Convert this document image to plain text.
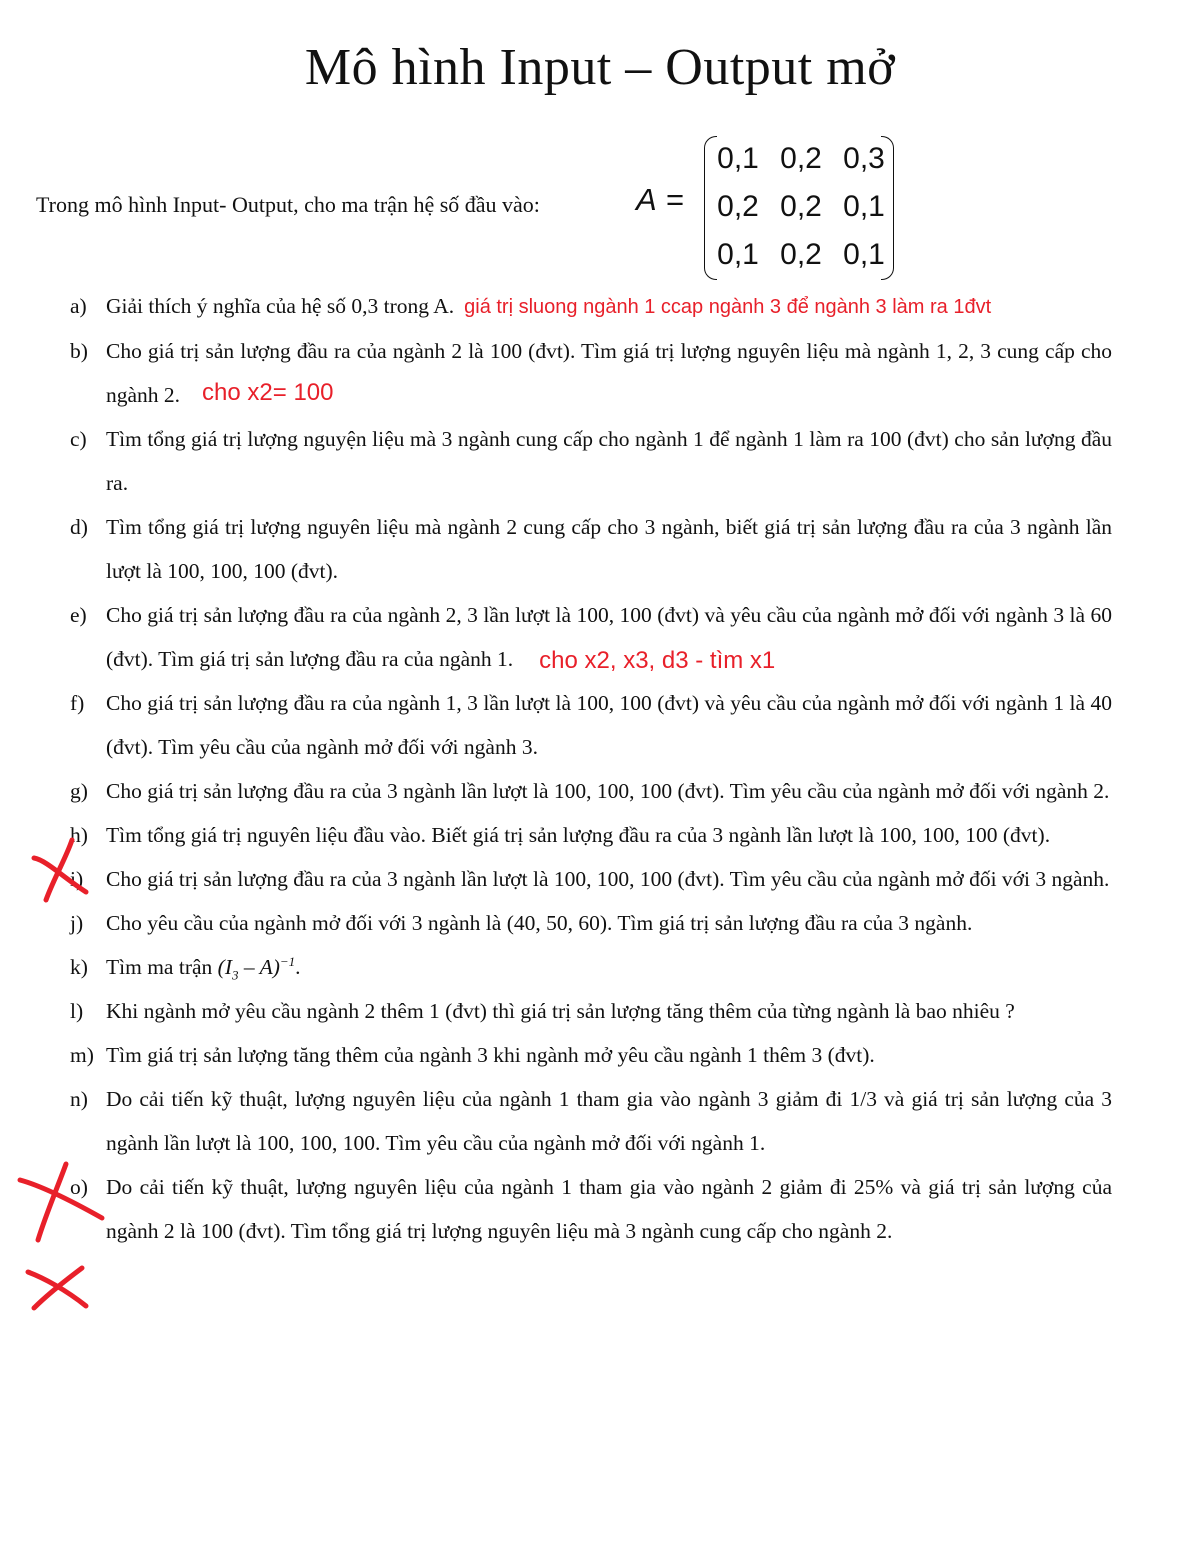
Mô hình Input – Output mở
Trong mô hình Input- Output, cho ma trận hệ số đầu vào:	A =
0,1 0,2 0,3
0,2 0,2 0,1
0,1 0,2 0,1
a) Giải thích ý nghĩa của hệ số 0,3 trong A. giá trị sluong ngành 1 ccap ngành 3 để ngành 3 làm ra 1đvt
b) Cho giá trị sản lượng đầu ra của ngành 2 là 100 (đvt). Tìm giá trị lượng nguyên liệu mà ngành 1, 2, 3 cung cấp cho ngành 2. cho x2= 100
c) Tìm tổng giá trị lượng nguyện liệu mà 3 ngành cung cấp cho ngành 1 để ngành 1 làm ra 100 (đvt) cho sản lượng đầu ra.
d) Tìm tổng giá trị lượng nguyên liệu mà ngành 2 cung cấp cho 3 ngành, biết giá trị sản lượng đầu ra của 3 ngành lần lượt là 100, 100, 100 (đvt).
e) Cho giá trị sản lượng đầu ra của ngành 2, 3 lần lượt là 100, 100 (đvt) và yêu cầu của ngành mở đối với ngành 3 là 60 (đvt). Tìm giá trị sản lượng đầu ra của ngành 1. cho x2, x3, d3 - tìm x1
f) Cho giá trị sản lượng đầu ra của ngành 1, 3 lần lượt là 100, 100 (đvt) và yêu cầu của ngành mở đối với ngành 1 là 40 (đvt). Tìm yêu cầu của ngành mở đối với ngành 3.
g) Cho giá trị sản lượng đầu ra của 3 ngành lần lượt là 100, 100, 100 (đvt). Tìm yêu cầu của ngành mở đối với ngành 2.
h) Tìm tổng giá trị nguyên liệu đầu vào. Biết giá trị sản lượng đầu ra của 3 ngành lần lượt là 100, 100, 100 (đvt).
i) Cho giá trị sản lượng đầu ra của 3 ngành lần lượt là 100, 100, 100 (đvt). Tìm yêu cầu của ngành mở đối với 3 ngành.
j) Cho yêu cầu của ngành mở đối với 3 ngành là (40, 50, 60). Tìm giá trị sản lượng đầu ra của 3 ngành.
k) Tìm ma trận $(I_3 - A)^{-1}$.
l) Khi ngành mở yêu cầu ngành 2 thêm 1 (đvt) thì giá trị sản lượng tăng thêm của từng ngành là bao nhiêu ?
m) Tìm giá trị sản lượng tăng thêm của ngành 3 khi ngành mở yêu cầu ngành 1 thêm 3 (đvt).
n) Do cải tiến kỹ thuật, lượng nguyên liệu của ngành 1 tham gia vào ngành 3 giảm đi 1/3 và giá trị sản lượng của 3 ngành lần lượt là 100, 100, 100. Tìm yêu cầu của ngành mở đối với ngành 1.
o) Do cải tiến kỹ thuật, lượng nguyên liệu của ngành 1 tham gia vào ngành 2 giảm đi 25% và giá trị sản lượng của ngành 2 là 100 (đvt). Tìm tổng giá trị lượng nguyên liệu mà 3 ngành cung cấp cho ngành 2.
